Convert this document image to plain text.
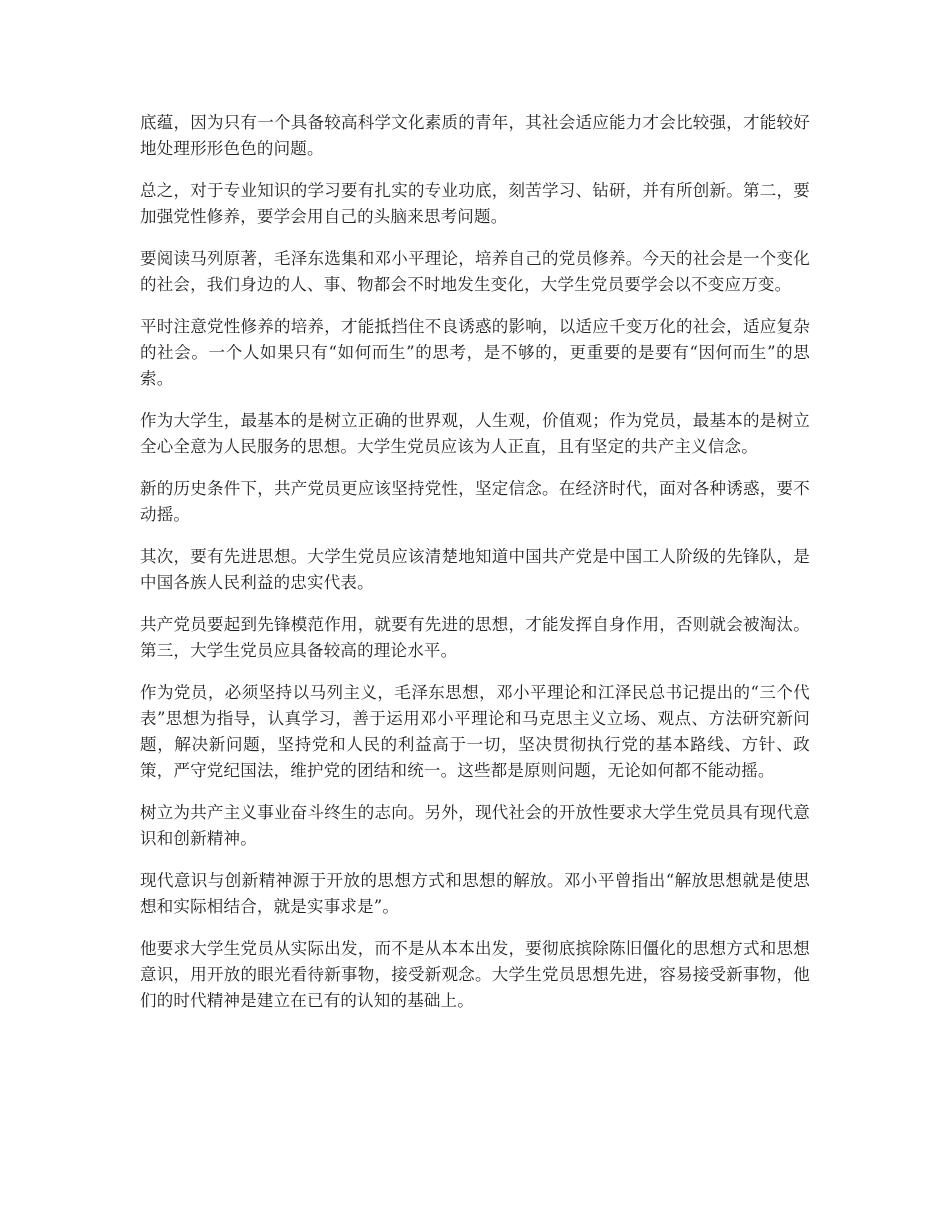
底蕴，因为只有一个具备较高科学文化素质的青年，其社会适应能力才会比较强，才能较好地处理形形色色的问题。

总之，对于专业知识的学习要有扎实的专业功底，刻苦学习、钻研，并有所创新。第二，要加强党性修养，要学会用自己的头脑来思考问题。

要阅读马列原著，毛泽东选集和邓小平理论，培养自己的党员修养。今天的社会是一个变化的社会，我们身边的人、事、物都会不时地发生变化，大学生党员要学会以不变应万变。

平时注意党性修养的培养，才能抵挡住不良诱惑的影响，以适应千变万化的社会，适应复杂的社会。一个人如果只有“如何而生”的思考，是不够的，更重要的是要有“因何而生”的思索。

作为大学生，最基本的是树立正确的世界观，人生观，价值观；作为党员，最基本的是树立全心全意为人民服务的思想。大学生党员应该为人正直，且有坚定的共产主义信念。

新的历史条件下，共产党员更应该坚持党性，坚定信念。在经济时代，面对各种诱惑，要不动摇。

其次，要有先进思想。大学生党员应该清楚地知道中国共产党是中国工人阶级的先锋队，是中国各族人民利益的忠实代表。

共产党员要起到先锋模范作用，就要有先进的思想，才能发挥自身作用，否则就会被淘汰。第三，大学生党员应具备较高的理论水平。

作为党员，必须坚持以马列主义，毛泽东思想，邓小平理论和江泽民总书记提出的“三个代表”思想为指导，认真学习，善于运用邓小平理论和马克思主义立场、观点、方法研究新问题，解决新问题，坚持党和人民的利益高于一切，坚决贯彻执行党的基本路线、方针、政策，严守党纪国法，维护党的团结和统一。这些都是原则问题，无论如何都不能动摇。

树立为共产主义事业奋斗终生的志向。另外，现代社会的开放性要求大学生党员具有现代意识和创新精神。

现代意识与创新精神源于开放的思想方式和思想的解放。邓小平曾指出“解放思想就是使思想和实际相结合，就是实事求是”。

他要求大学生党员从实际出发，而不是从本本出发，要彻底摈除陈旧僵化的思想方式和思想意识，用开放的眼光看待新事物，接受新观念。大学生党员思想先进，容易接受新事物，他们的时代精神是建立在已有的认知的基础上。
